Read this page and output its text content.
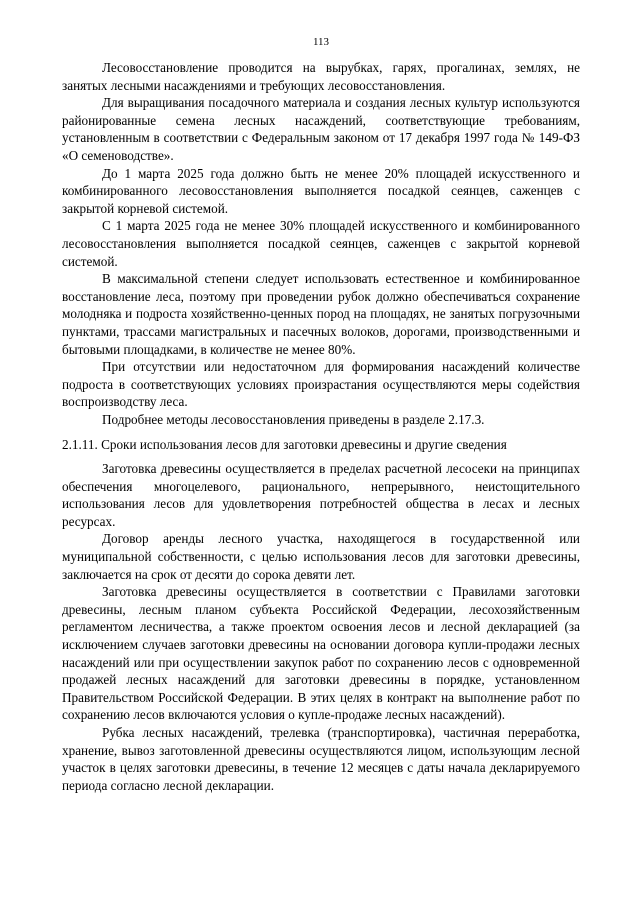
113

Лесовосстановление проводится на вырубках, гарях, прогалинах, землях, не занятых лесными насаждениями и требующих лесовосстановления.

Для выращивания посадочного материала и создания лесных культур используются районированные семена лесных насаждений, соответствующие требованиям, установленным в соответствии с Федеральным законом от 17 декабря 1997 года № 149-ФЗ «О семеноводстве».

До 1 марта 2025 года должно быть не менее 20% площадей искусственного и комбинированного лесовосстановления выполняется посадкой сеянцев, саженцев с закрытой корневой системой.

С 1 марта 2025 года не менее 30% площадей искусственного и комбинированного лесовосстановления выполняется посадкой сеянцев, саженцев с закрытой корневой системой.

В максимальной степени следует использовать естественное и комбинированное восстановление леса, поэтому при проведении рубок должно обеспечиваться сохранение молодняка и подроста хозяйственно-ценных пород на площадях, не занятых погрузочными пунктами, трассами магистральных и пасечных волоков, дорогами, производственными и бытовыми площадками, в количестве не менее 80%.

При отсутствии или недостаточном для формирования насаждений количестве подроста в соответствующих условиях произрастания осуществляются меры содействия воспроизводству леса.

Подробнее методы лесовосстановления приведены в разделе 2.17.3.

2.1.11. Сроки использования лесов для заготовки древесины и другие сведения

Заготовка древесины осуществляется в пределах расчетной лесосеки на принципах обеспечения многоцелевого, рационального, непрерывного, неистощительного использования лесов для удовлетворения потребностей общества в лесах и лесных ресурсах.

Договор аренды лесного участка, находящегося в государственной или муниципальной собственности, с целью использования лесов для заготовки древесины, заключается на срок от десяти до сорока девяти лет.

Заготовка древесины осуществляется в соответствии с Правилами заготовки древесины, лесным планом субъекта Российской Федерации, лесохозяйственным регламентом лесничества, а также проектом освоения лесов и лесной декларацией (за исключением случаев заготовки древесины на основании договора купли-продажи лесных насаждений или при осуществлении закупок работ по сохранению лесов с одновременной продажей лесных насаждений для заготовки древесины в порядке, установленном Правительством Российской Федерации. В этих целях в контракт на выполнение работ по сохранению лесов включаются условия о купле-продаже лесных насаждений).

Рубка лесных насаждений, трелевка (транспортировка), частичная переработка, хранение, вывоз заготовленной древесины осуществляются лицом, использующим лесной участок в целях заготовки древесины, в течение 12 месяцев с даты начала декларируемого периода согласно лесной декларации.
